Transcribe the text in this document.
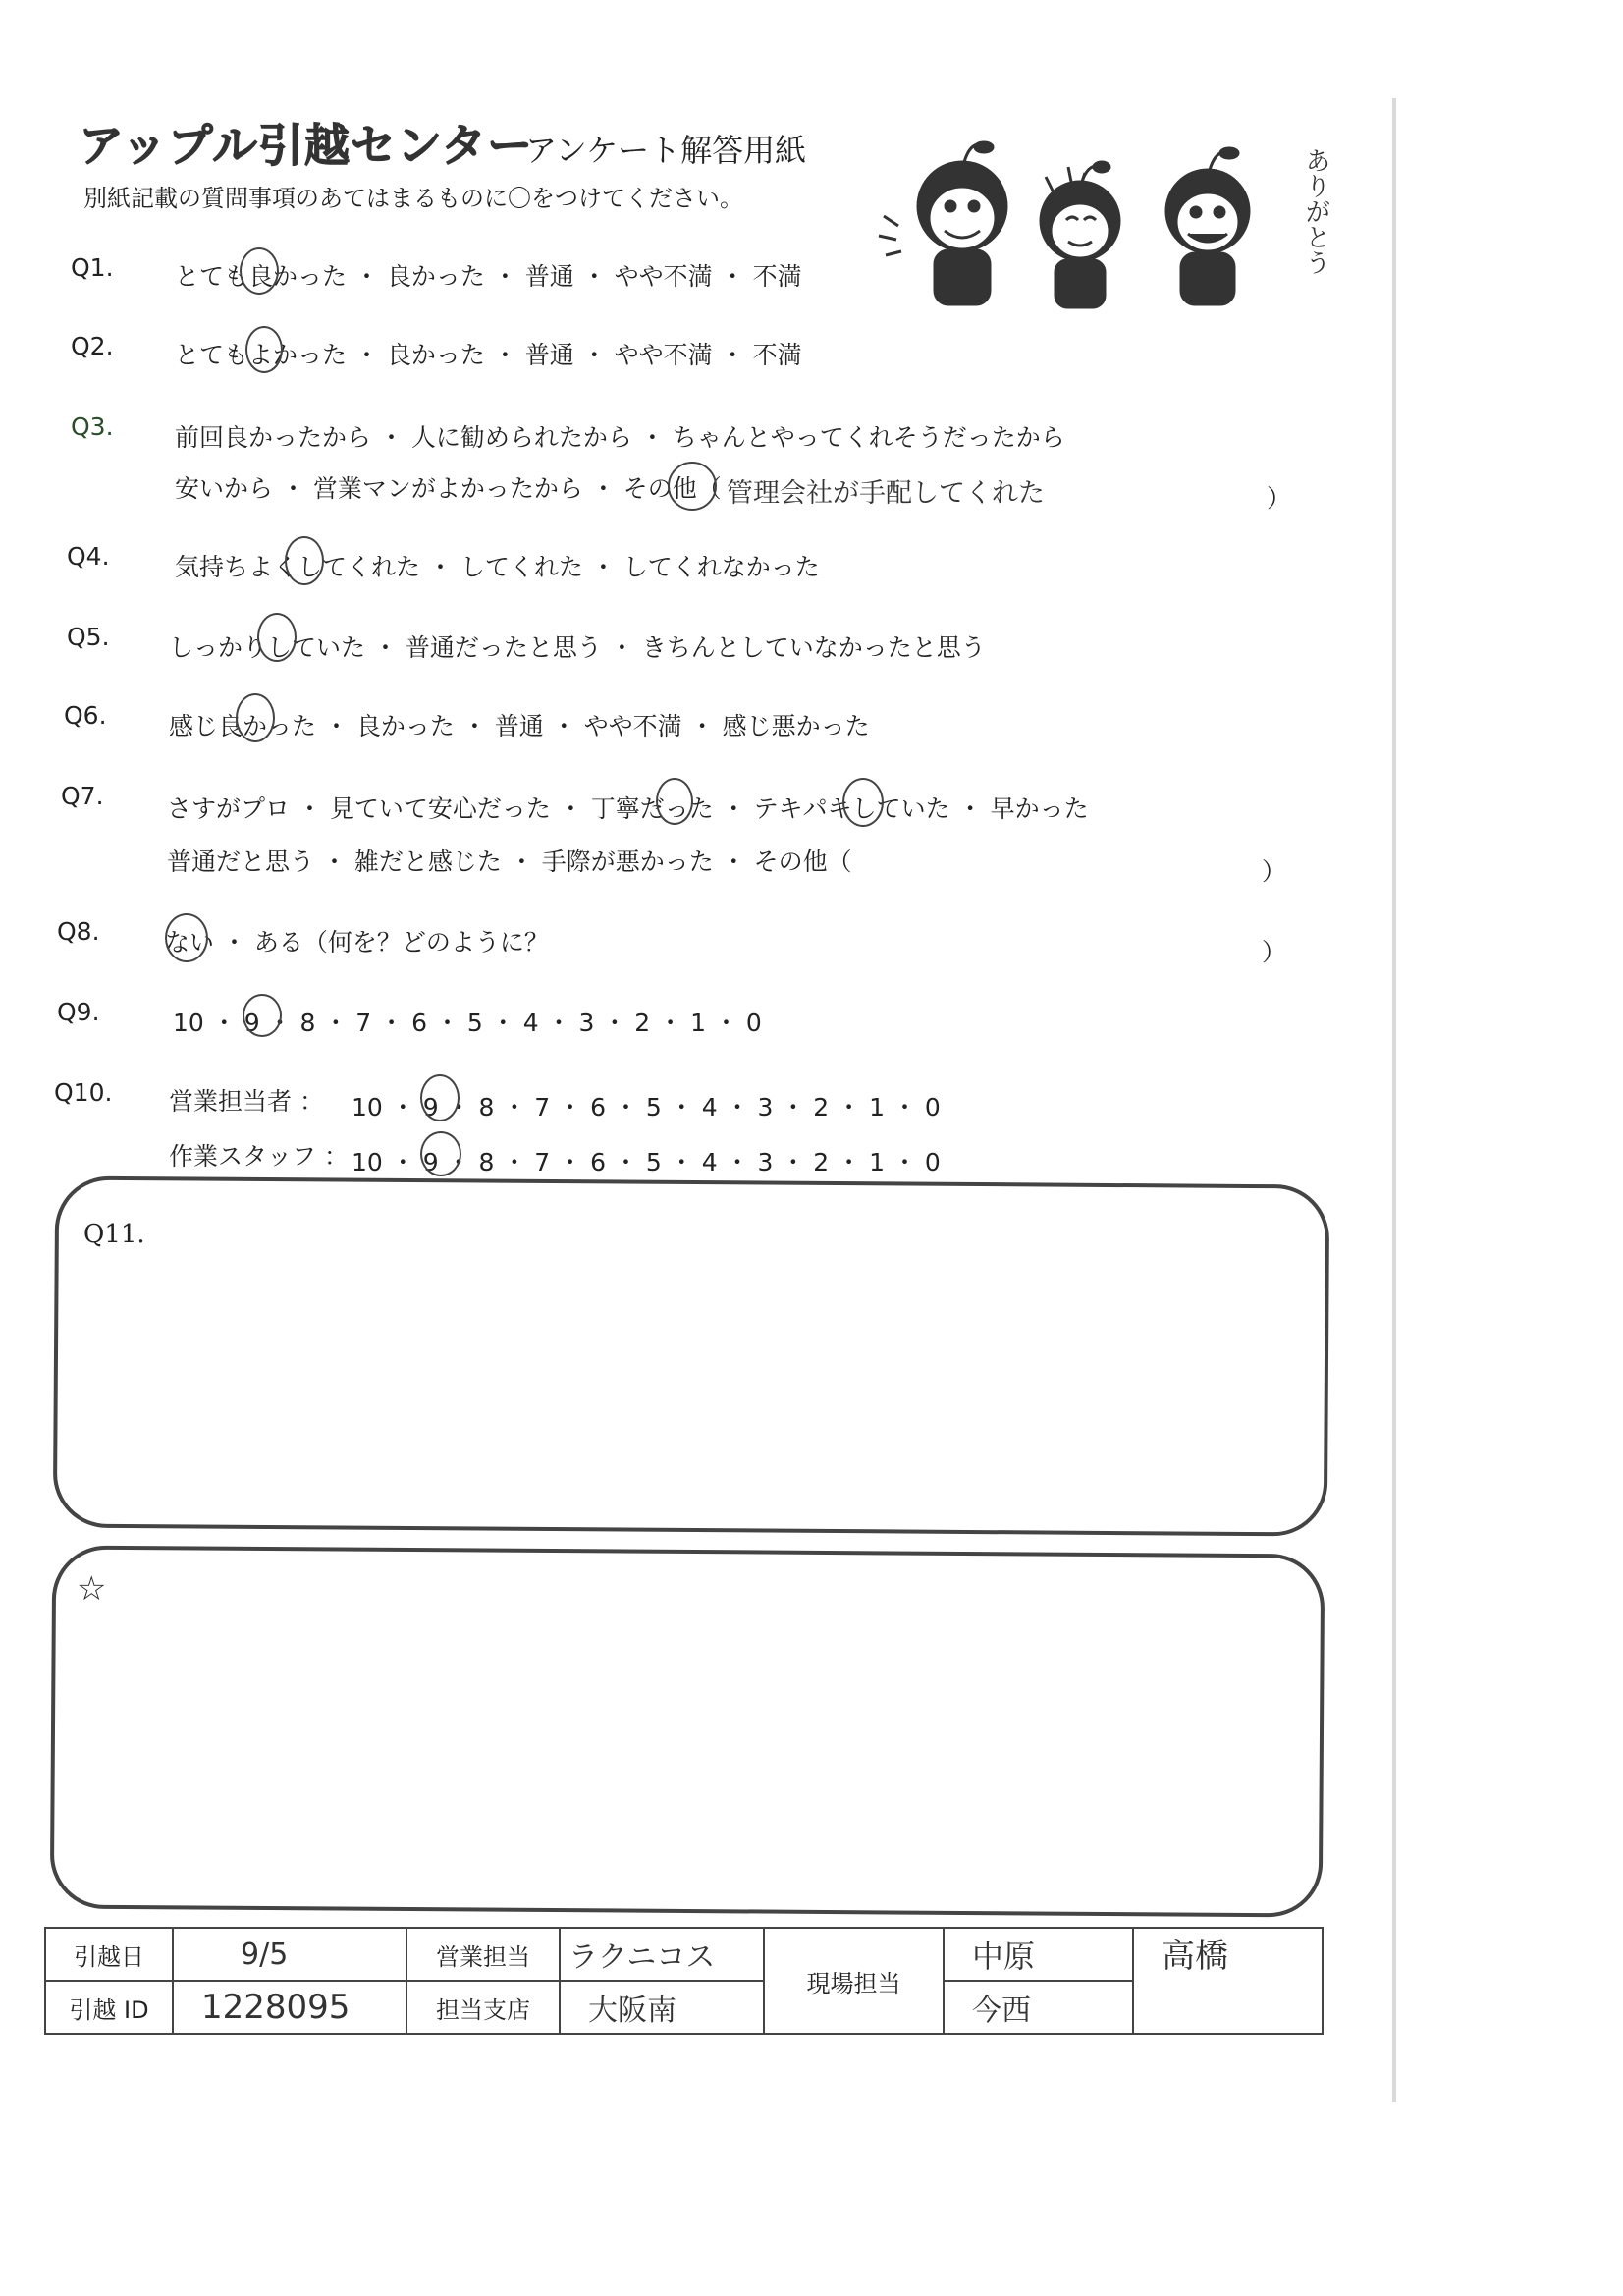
アップル引越センター
アンケート解答用紙
別紙記載の質問事項のあてはまるものに〇をつけてください。	ありがとう
Q1. とても良かった ・ 良かった ・ 普通 ・ やや不満 ・ 不満
Q2. とてもよかった ・ 良かった ・ 普通 ・ やや不満 ・ 不満
Q3. 前回良かったから ・ 人に勧められたから ・ ちゃんとやってくれそうだったから
安いから ・ 営業マンがよかったから ・ その他（ 管理会社が手配してくれた	）
Q4.	気持ちよくしてくれた ・ してくれた ・ してくれなかった
Q5. しっかりしていた ・ 普通だったと思う ・ きちんとしていなかったと思う
Q6.	感じ良かった ・ 良かった ・ 普通 ・ やや不満 ・ 感じ悪かった
Q7.	さすがプロ ・ 見ていて安心だった ・ 丁寧だった ・ テキパキしていた ・ 早かった
普通だと思う ・ 雑だと感じた ・ 手際が悪かった ・ その他（	）
Q8.	ない ・ ある（何を？どのように？	）
Q9.	10 ・ 9 ・ 8 ・ 7 ・ 6 ・ 5 ・ 4 ・ 3 ・ 2 ・ 1 ・ 0
Q10. 営業担当者 ： 10 ・ 9 ・ 8 ・ 7 ・ 6 ・ 5 ・ 4 ・ 3 ・ 2 ・ 1 ・ 0
作業スタッフ ： 10 ・ 9 ・ 8 ・ 7 ・ 6 ・ 5 ・ 4 ・ 3 ・ 2 ・ 1 ・ 0
Q11.
☆
引越日	9/5	営業担当	ラクニコス	現場担当	中原	高橋
引越 ID	1228095	担当支店	大阪南		今西	
